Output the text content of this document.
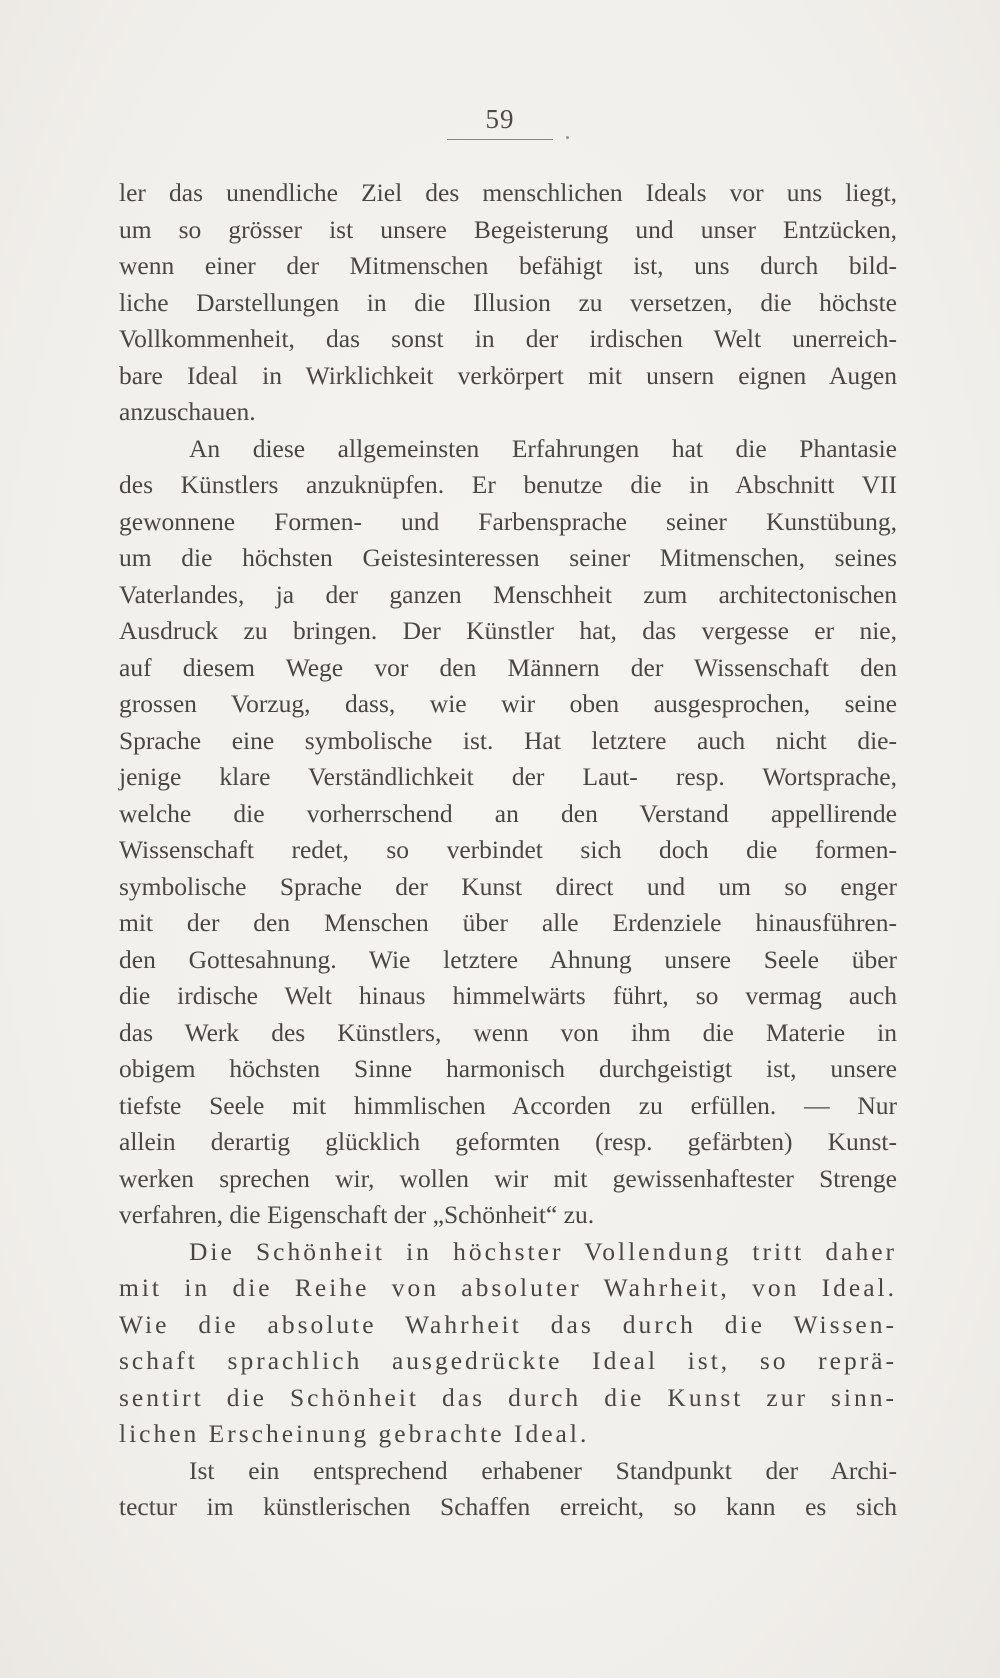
59
ler das unendliche Ziel des menschlichen Ideals vor uns liegt,
um so grösser ist unsere Begeisterung und unser Entzücken,
wenn einer der Mitmenschen befähigt ist, uns durch bild-
liche Darstellungen in die Illusion zu versetzen, die höchste
Vollkommenheit, das sonst in der irdischen Welt unerreich-
bare Ideal in Wirklichkeit verkörpert mit unsern eignen Augen
anzuschauen.
An diese allgemeinsten Erfahrungen hat die Phantasie
des Künstlers anzuknüpfen. Er benutze die in Abschnitt VII
gewonnene Formen- und Farbensprache seiner Kunstübung,
um die höchsten Geistesinteressen seiner Mitmenschen, seines
Vaterlandes, ja der ganzen Menschheit zum architectonischen
Ausdruck zu bringen. Der Künstler hat, das vergesse er nie,
auf diesem Wege vor den Männern der Wissenschaft den
grossen Vorzug, dass, wie wir oben ausgesprochen, seine
Sprache eine symbolische ist. Hat letztere auch nicht die-
jenige klare Verständlichkeit der Laut- resp. Wortsprache,
welche die vorherrschend an den Verstand appellirende
Wissenschaft redet, so verbindet sich doch die formen-
symbolische Sprache der Kunst direct und um so enger
mit der den Menschen über alle Erdenziele hinausführen-
den Gottesahnung. Wie letztere Ahnung unsere Seele über
die irdische Welt hinaus himmelwärts führt, so vermag auch
das Werk des Künstlers, wenn von ihm die Materie in
obigem höchsten Sinne harmonisch durchgeistigt ist, unsere
tiefste Seele mit himmlischen Accorden zu erfüllen. — Nur
allein derartig glücklich geformten (resp. gefärbten) Kunst-
werken sprechen wir, wollen wir mit gewissenhaftester Strenge
verfahren, die Eigenschaft der „Schönheit“ zu.
Die Schönheit in höchster Vollendung tritt daher
mit in die Reihe von absoluter Wahrheit, von Ideal.
Wie die absolute Wahrheit das durch die Wissen-
schaft sprachlich ausgedrückte Ideal ist, so reprä-
sentirt die Schönheit das durch die Kunst zur sinn-
lichen Erscheinung gebrachte Ideal.
Ist ein entsprechend erhabener Standpunkt der Archi-
tectur im künstlerischen Schaffen erreicht, so kann es sich
